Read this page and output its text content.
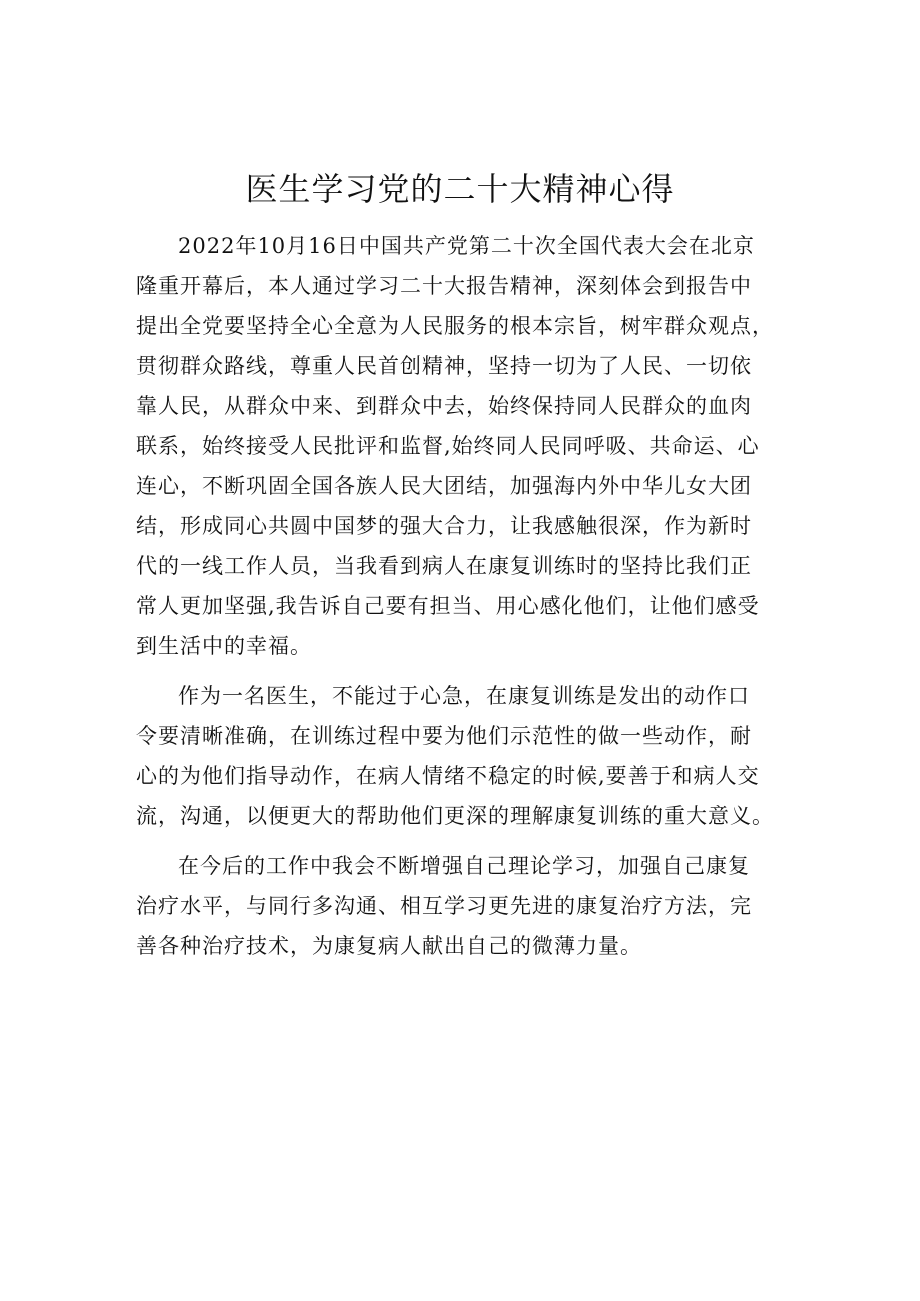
医生学习党的二十大精神心得
2022年10月16日中国共产党第二十次全国代表大会在北京
隆重开幕后，本人通过学习二十大报告精神，深刻体会到报告中
提出全党要坚持全心全意为人民服务的根本宗旨，树牢群众观点，
贯彻群众路线，尊重人民首创精神，坚持一切为了人民、一切依
靠人民，从群众中来、到群众中去，始终保持同人民群众的血肉
联系，始终接受人民批评和监督,始终同人民同呼吸、共命运、心
连心，不断巩固全国各族人民大团结，加强海内外中华儿女大团
结，形成同心共圆中国梦的强大合力，让我感触很深，作为新时
代的一线工作人员，当我看到病人在康复训练时的坚持比我们正
常人更加坚强,我告诉自己要有担当、用心感化他们，让他们感受
到生活中的幸福。
作为一名医生，不能过于心急，在康复训练是发出的动作口
令要清晰准确，在训练过程中要为他们示范性的做一些动作，耐
心的为他们指导动作，在病人情绪不稳定的时候,要善于和病人交
流，沟通，以便更大的帮助他们更深的理解康复训练的重大意义。
在今后的工作中我会不断增强自己理论学习，加强自己康复
治疗水平，与同行多沟通、相互学习更先进的康复治疗方法，完
善各种治疗技术，为康复病人献出自己的微薄力量。
